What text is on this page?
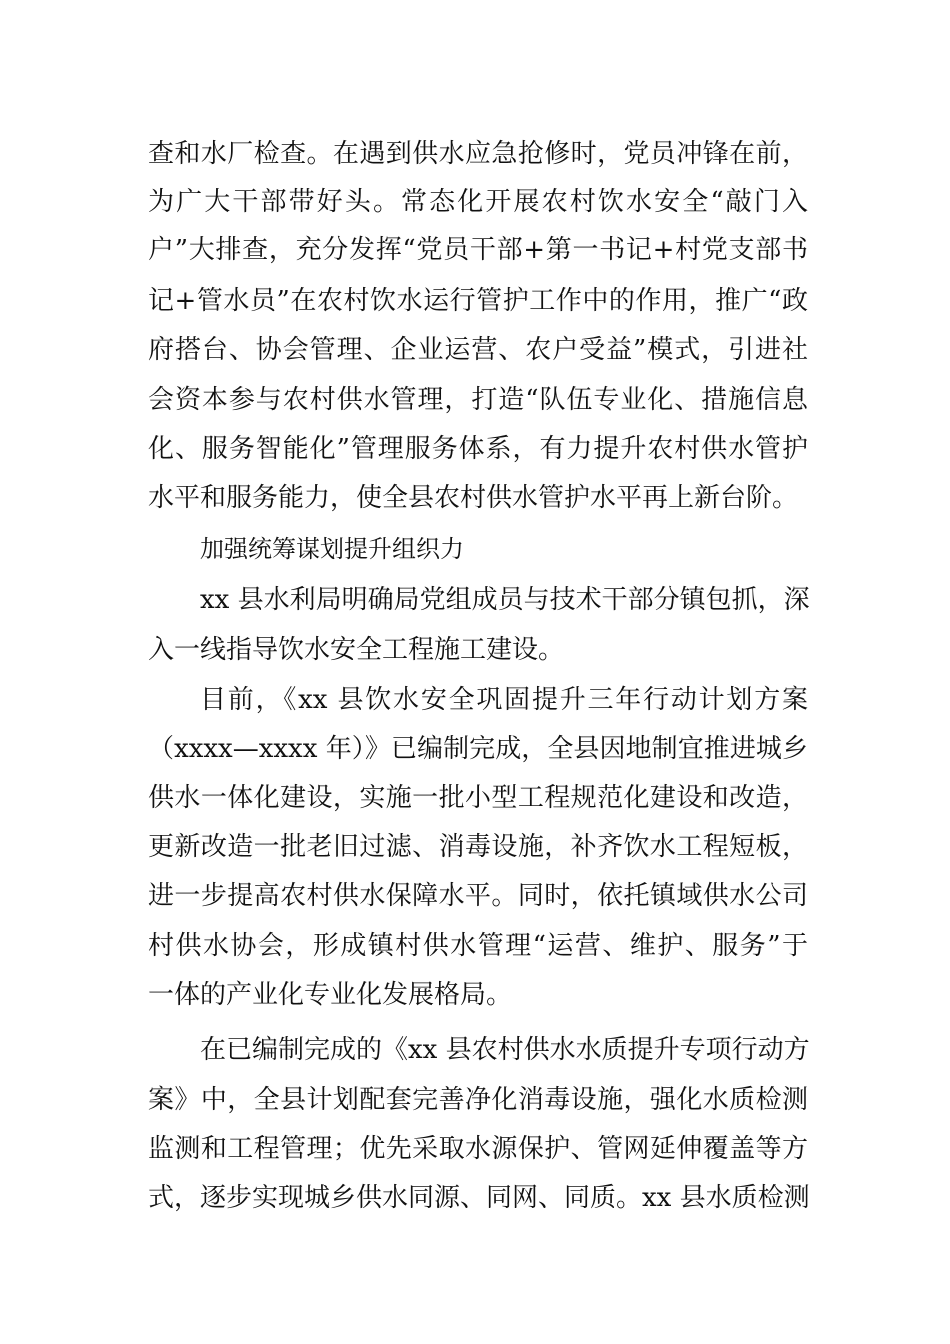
查和水厂检查。在遇到供水应急抢修时，党员冲锋在前，
为广大干部带好头。常态化开展农村饮水安全“敲门入
户”大排查，充分发挥“党员干部+第一书记+村党支部书
记+管水员”在农村饮水运行管护工作中的作用，推广“政
府搭台、协会管理、企业运营、农户受益”模式，引进社
会资本参与农村供水管理，打造“队伍专业化、措施信息
化、服务智能化”管理服务体系，有力提升农村供水管护
水平和服务能力，使全县农村供水管护水平再上新台阶。
加强统筹谋划提升组织力
xx 县水利局明确局党组成员与技术干部分镇包抓，深
入一线指导饮水安全工程施工建设。
目前，《xx 县饮水安全巩固提升三年行动计划方案
（xxxx—xxxx 年）》已编制完成，全县因地制宜推进城乡
供水一体化建设，实施一批小型工程规范化建设和改造，
更新改造一批老旧过滤、消毒设施，补齐饮水工程短板，
进一步提高农村供水保障水平。同时，依托镇域供水公司
村供水协会，形成镇村供水管理“运营、维护、服务”于
一体的产业化专业化发展格局。
在已编制完成的《xx 县农村供水水质提升专项行动方
案》中，全县计划配套完善净化消毒设施，强化水质检测
监测和工程管理；优先采取水源保护、管网延伸覆盖等方
式，逐步实现城乡供水同源、同网、同质。xx 县水质检测
